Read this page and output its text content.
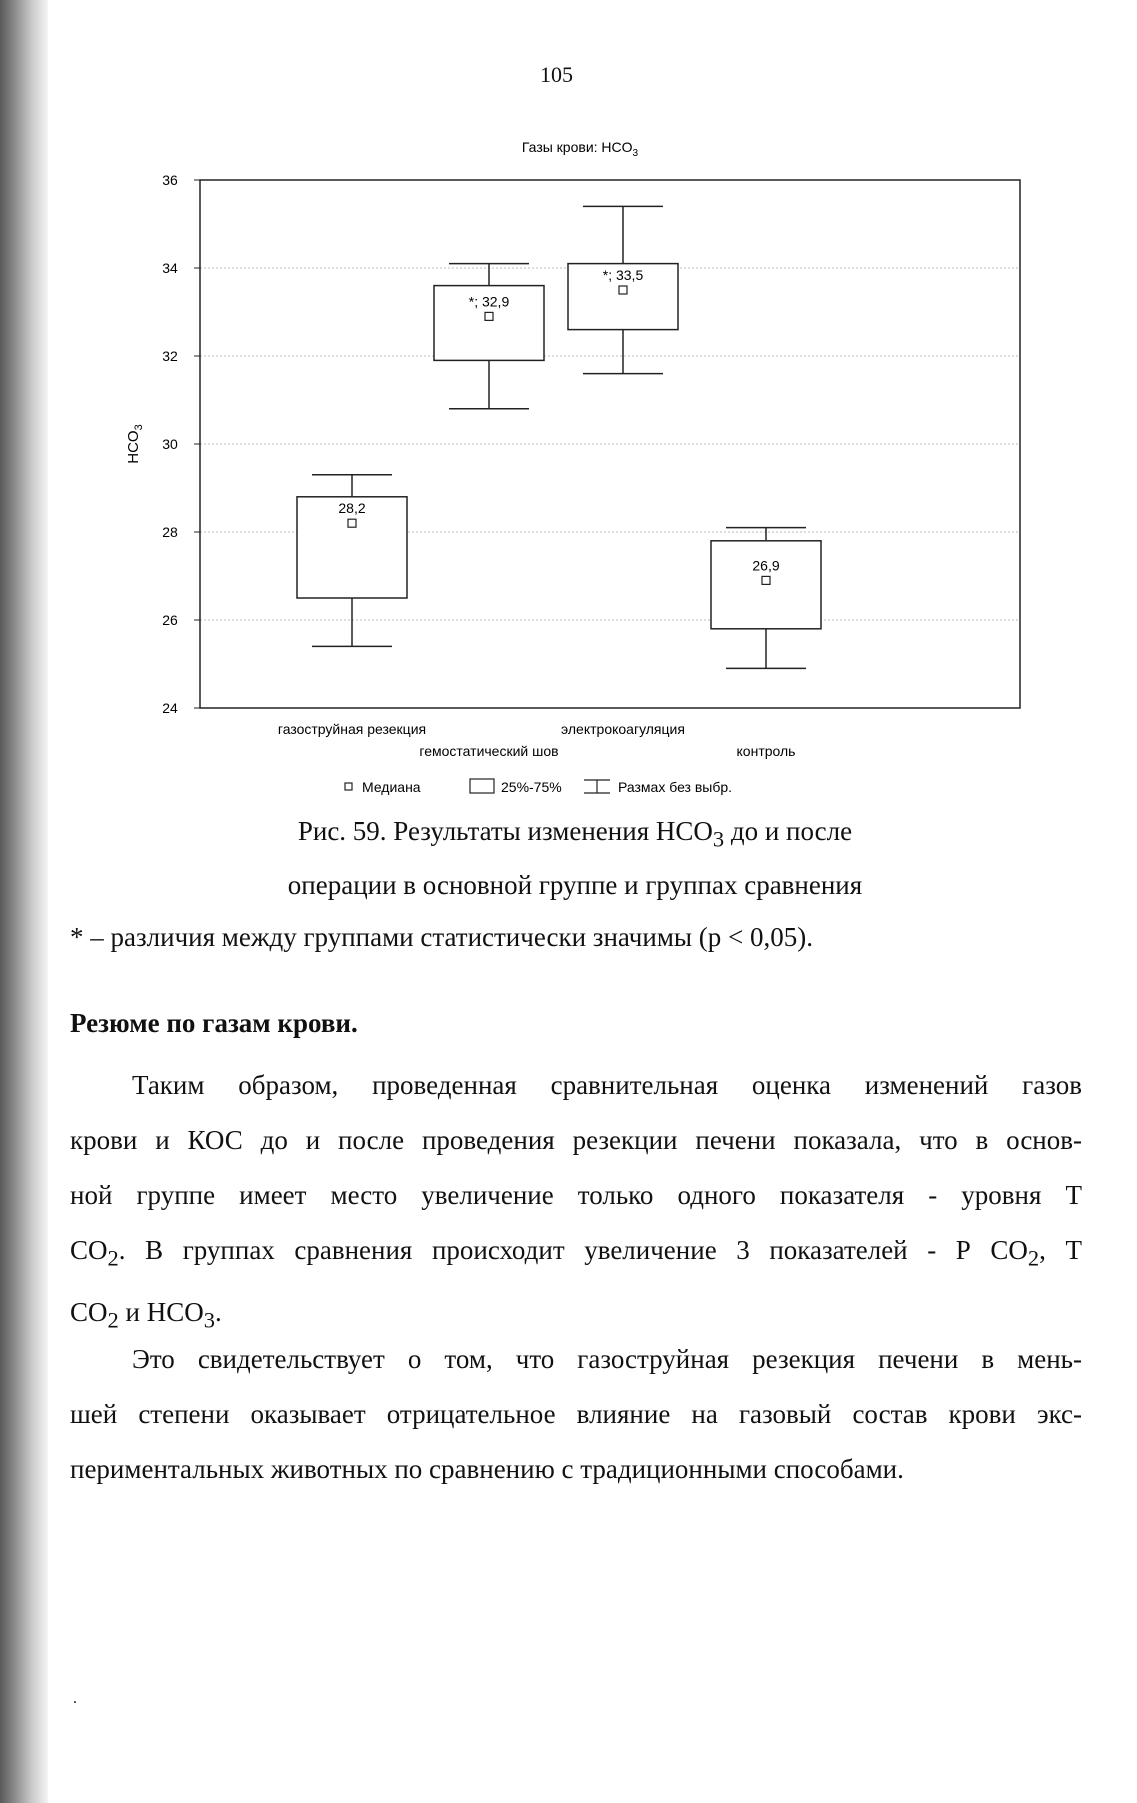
105
24
26
28
30
32
34
36
Газы крови: $HCO_3$
$HCO_3$
28,2
*; 32,9
*; 33,5
26,9
газоструйная резекция
гемостатический шов
электрокоагуляция
контроль
Медиана	25%-75%	Размах без выбр.
Рис. 59. Результаты изменения $HCO_3$ до и после
операции в основной группе и группах сравнения
* – различия между группами статистически значимы (p < 0,05).
Резюме по газам крови.
Таким образом, проведенная сравнительная оценка изменений газов
крови и КОС до и после проведения резекции печени показала, что в основ-
ной группе имеет место увеличение только одного показателя - уровня Т
$CO_2$. В группах сравнения происходит увеличение 3 показателей - Р $CO_2$, Т
$CO_2$ и $HCO_3$.
Это свидетельствует о том, что газоструйная резекция печени в мень-
шей степени оказывает отрицательное влияние на газовый состав крови экс-
периментальных животных по сравнению с традиционными способами.
.
